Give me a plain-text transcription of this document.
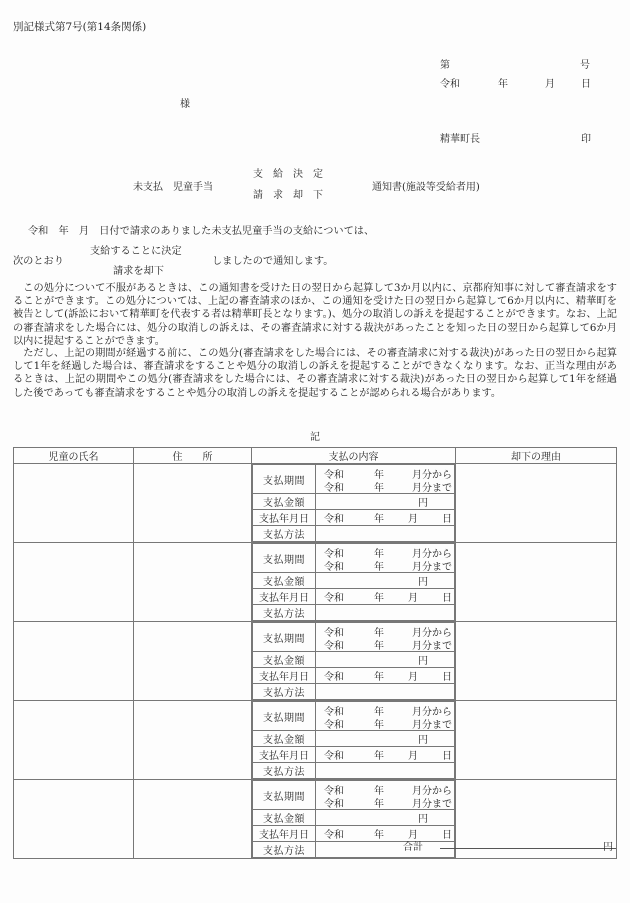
別記様式第7号(第14条関係)
第	号
令和	年	月	日
様
精華町長	印
未支払　児童手当
支　給　決　定
請　求　却　下
通知書(施設等受給者用)
令和　年　月　日付で請求のありました未支払児童手当の支給については、
次のとおり
支給することに決定
請求を却下
しましたので通知します。
この処分について不服があるときは、この通知書を受けた日の翌日から起算して3か月以内に、京都府知事に対して審査請求をすることができます。この処分については、上記の審査請求のほか、この通知を受けた日の翌日から起算して6か月以内に、精華町を被告として(訴訟において精華町を代表する者は精華町長となります。)、処分の取消しの訴えを提起することができます。なお、上記の審査請求をした場合には、処分の取消しの訴えは、その審査請求に対する裁決があったことを知った日の翌日から起算して6か月以内に提起することができます。
ただし、上記の期間が経過する前に、この処分(審査請求をした場合には、その審査請求に対する裁決)があった日の翌日から起算して1年を経過した場合は、審査請求をすることや処分の取消しの訴えを提起することができなくなります。なお、正当な理由があるときは、上記の期間やこの処分(審査請求をした場合には、その審査請求に対する裁決)があった日の翌日から起算して1年を経過した後であっても審査請求をすることや処分の取消しの訴えを提起することが認められる場合があります。
記
児童の氏名	住　　所	支払の内容	却下の理由

支払期間	令和	年	月分から
令和	年	月分まで

支払金額	円

支払年月日	令和	年 月 日

支払方法	

支払期間	令和	年	月分から
令和	年	月分まで

支払金額	円

支払年月日	令和	年 月 日

支払方法	

支払期間	令和	年	月分から
令和	年	月分まで

支払金額	円

支払年月日	令和	年 月 日

支払方法	

支払期間	令和	年	月分から
令和	年	月分まで

支払金額	円

支払年月日	令和	年 月 日

支払方法	

支払期間	令和	年	月分から
令和	年	月分まで

支払金額	円

支払年月日	令和	年 月 日

支払方法	
		合計	円
